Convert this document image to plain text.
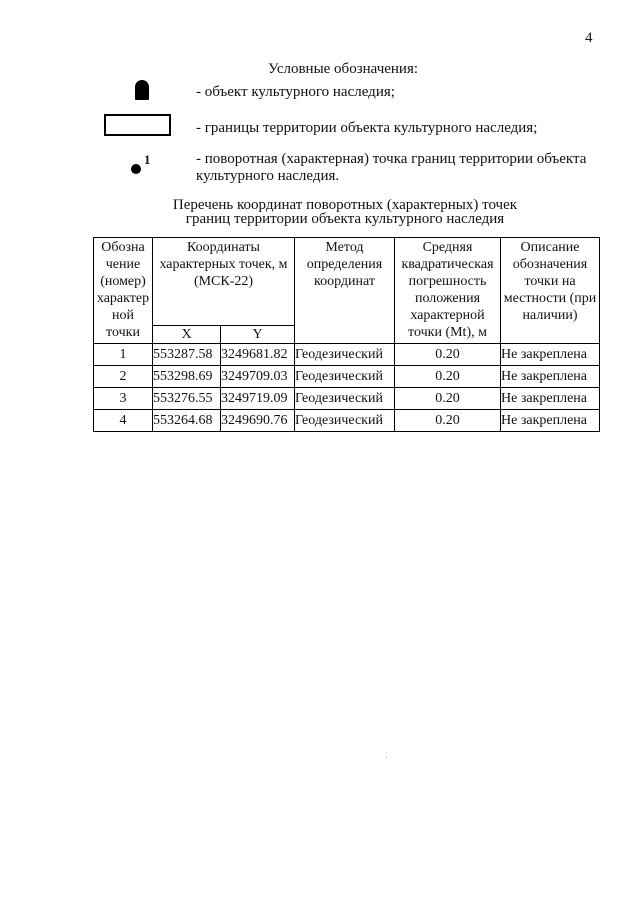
4
Условные обозначения:
- объект культурного наследия;
- границы территории объекта культурного наследия;
1	- поворотная (характерная) точка границ территории объекта культурного наследия.
Перечень координат поворотных (характерных) точек
границ территории объекта культурного наследия
Обозна чение (номер) характер ной точки	Координаты характерных точек, м (МСК-22)		Метод определения координат	Средняя квадратическая погрешность положения характерной точки (Mt), м	Описание обозначения точки на местности (при наличии)
	X	Y			
1	553287.58	3249681.82	Геодезический	0.20	Не закреплена
2	553298.69	3249709.03	Геодезический	0.20	Не закреплена
3	553276.55	3249719.09	Геодезический	0.20	Не закреплена
4	553264.68	3249690.76	Геодезический	0.20	Не закреплена
